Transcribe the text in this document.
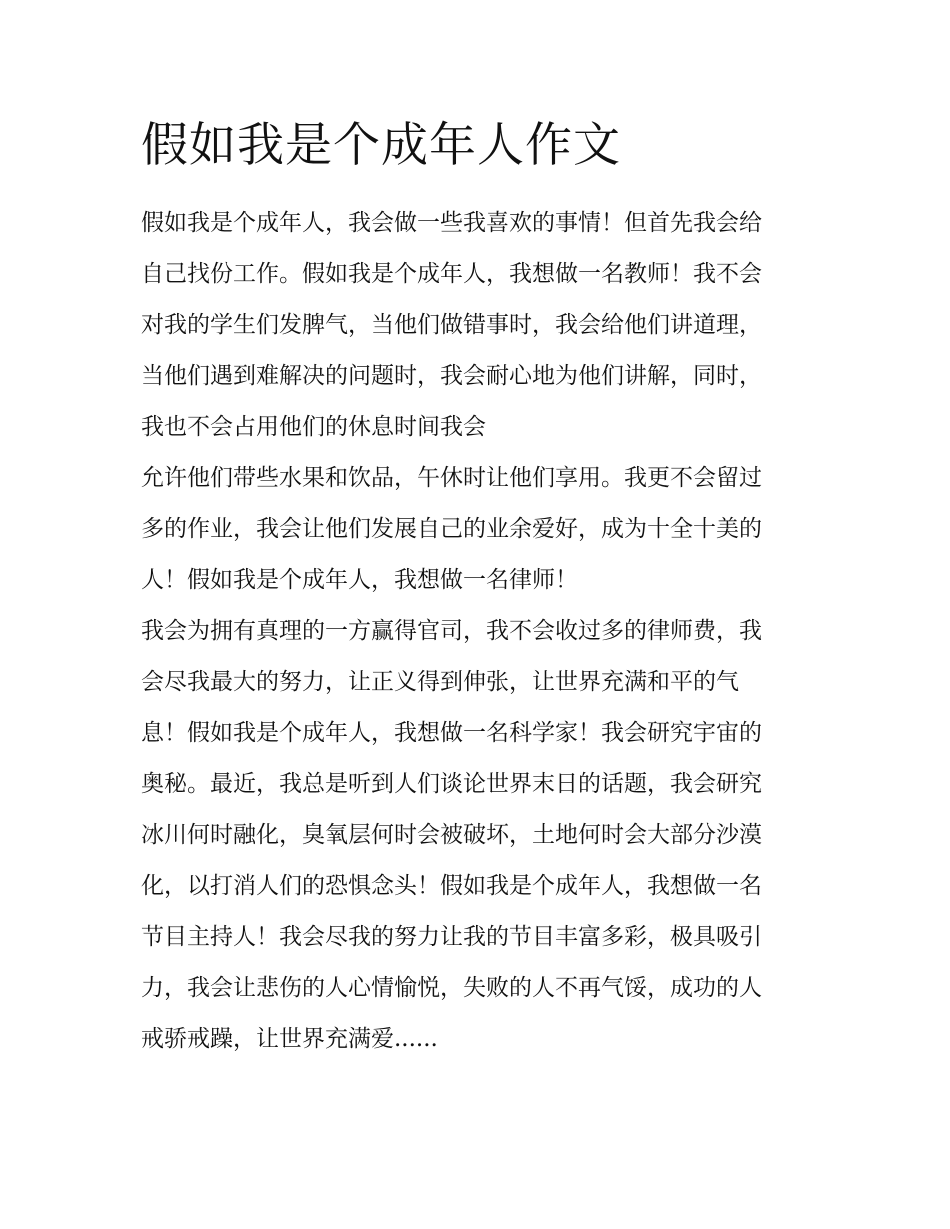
假如我是个成年人作文
假如我是个成年人，我会做一些我喜欢的事情！但首先我会给
自己找份工作。假如我是个成年人，我想做一名教师！我不会
对我的学生们发脾气，当他们做错事时，我会给他们讲道理，
当他们遇到难解决的问题时，我会耐心地为他们讲解，同时，
我也不会占用他们的休息时间我会
允许他们带些水果和饮品，午休时让他们享用。我更不会留过
多的作业，我会让他们发展自己的业余爱好，成为十全十美的
人！假如我是个成年人，我想做一名律师！
我会为拥有真理的一方赢得官司，我不会收过多的律师费，我
会尽我最大的努力，让正义得到伸张，让世界充满和平的气
息！假如我是个成年人，我想做一名科学家！我会研究宇宙的
奥秘。最近，我总是听到人们谈论世界末日的话题，我会研究
冰川何时融化，臭氧层何时会被破坏，土地何时会大部分沙漠
化，以打消人们的恐惧念头！假如我是个成年人，我想做一名
节目主持人！我会尽我的努力让我的节目丰富多彩，极具吸引
力，我会让悲伤的人心情愉悦，失败的人不再气馁，成功的人
戒骄戒躁，让世界充满爱......
